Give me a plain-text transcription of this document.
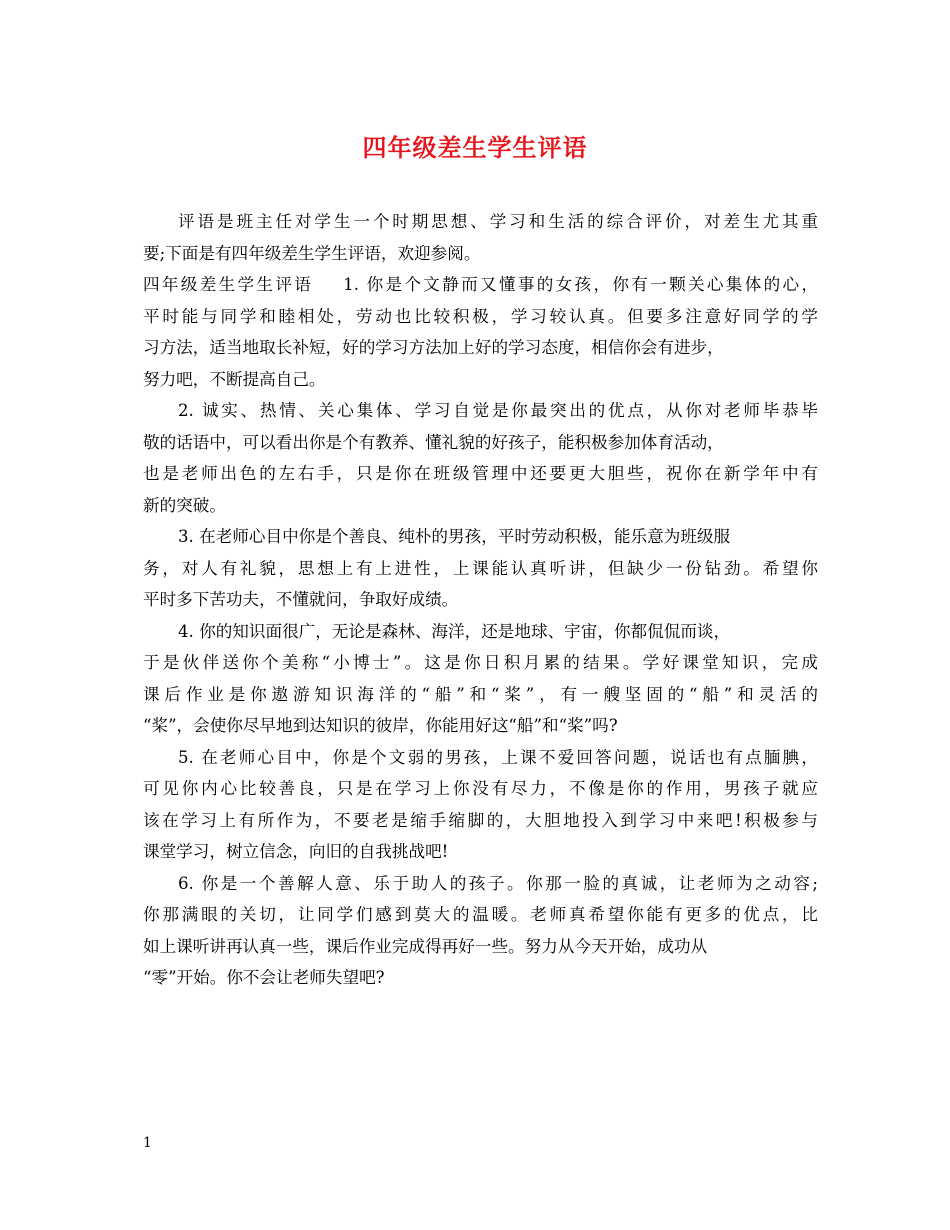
四年级差生学生评语
评语是班主任对学生一个时期思想、学习和生活的综合评价，对差生尤其重
要;下面是有四年级差生学生评语，欢迎参阅。
四年级差生学生评语 1. 你是个文静而又懂事的女孩，你有一颗关心集体的心，
平时能与同学和睦相处，劳动也比较积极，学习较认真。但要多注意好同学的学
习方法，适当地取长补短，好的学习方法加上好的学习态度，相信你会有进步，
努力吧，不断提高自己。
2. 诚实、热情、关心集体、学习自觉是你最突出的优点，从你对老师毕恭毕
敬的话语中，可以看出你是个有教养、懂礼貌的好孩子，能积极参加体育活动，
也是老师出色的左右手，只是你在班级管理中还要更大胆些，祝你在新学年中有
新的突破。
3. 在老师心目中你是个善良、纯朴的男孩，平时劳动积极，能乐意为班级服
务，对人有礼貌，思想上有上进性，上课能认真听讲，但缺少一份钻劲。希望你
平时多下苦功夫，不懂就问，争取好成绩。
4. 你的知识面很广，无论是森林、海洋，还是地球、宇宙，你都侃侃而谈，
于是伙伴送你个美称“小博士”。这是你日积月累的结果。学好课堂知识，完成
课后作业是你遨游知识海洋的“船”和“桨”，有一艘坚固的“船”和灵活的
“桨”，会使你尽早地到达知识的彼岸，你能用好这“船”和“桨”吗?
5. 在老师心目中，你是个文弱的男孩，上课不爱回答问题，说话也有点腼腆，
可见你内心比较善良，只是在学习上你没有尽力，不像是你的作用，男孩子就应
该在学习上有所作为，不要老是缩手缩脚的，大胆地投入到学习中来吧!积极参与
课堂学习，树立信念，向旧的自我挑战吧!
6. 你是一个善解人意、乐于助人的孩子。你那一脸的真诚，让老师为之动容;
你那满眼的关切，让同学们感到莫大的温暖。老师真希望你能有更多的优点，比
如上课听讲再认真一些，课后作业完成得再好一些。努力从今天开始，成功从
“零”开始。你不会让老师失望吧?
1
